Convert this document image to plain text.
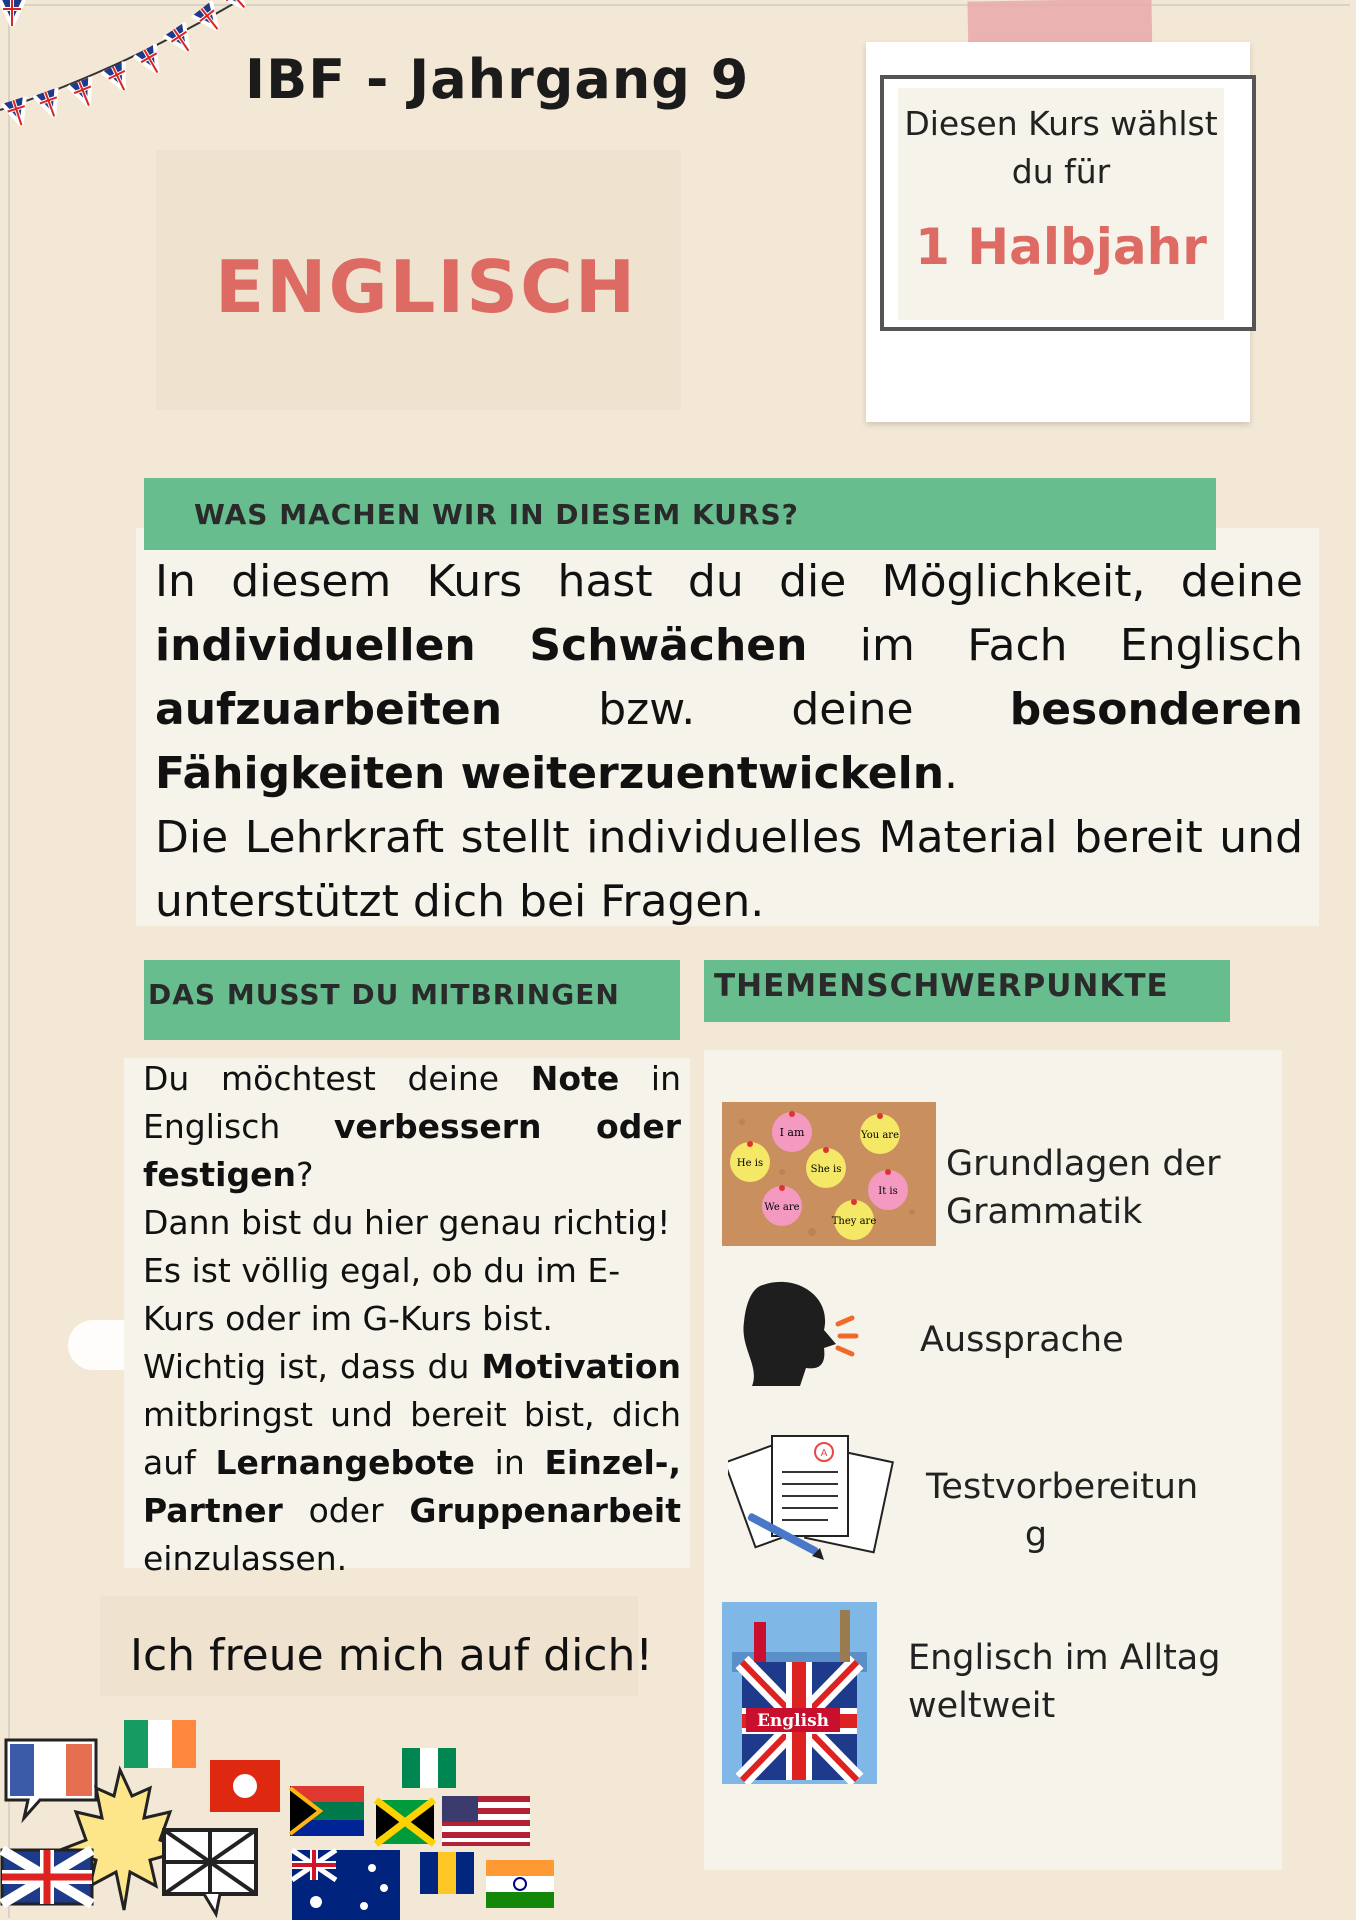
IBF - Jahrgang 9
ENGLISCH
Diesen Kurs wählst du für
1 Halbjahr
WAS MACHEN WIR IN DIESEM KURS?
In diesem Kurs hast du die Möglichkeit, deine individuellen Schwächen im Fach Englisch aufzuarbeiten bzw. deine besonderen Fähigkeiten weiterzuentwickeln.
Die Lehrkraft stellt individuelles Material bereit und unterstützt dich bei Fragen.
DAS MUSST DU MITBRINGEN

Du möchtest deine Note in Englisch verbessern oder festigen?

Dann bist du hier genau richtig!

Es ist völlig egal, ob du im E-Kurs oder im G-Kurs bist.

Wichtig ist, dass du Motivation mitbringst und bereit bist, dich auf Lernangebote in Einzel-, Partner oder Gruppenarbeit einzulassen.

Ich freue mich auf dich!
THEMENSCHWERPUNKTE
I am	You are
He is
She is
It is
We are
They are
Grundlagen der
Grammatik
Aussprache
A
Testvorbereitun
g
English
Englisch im Alltag
weltweit
